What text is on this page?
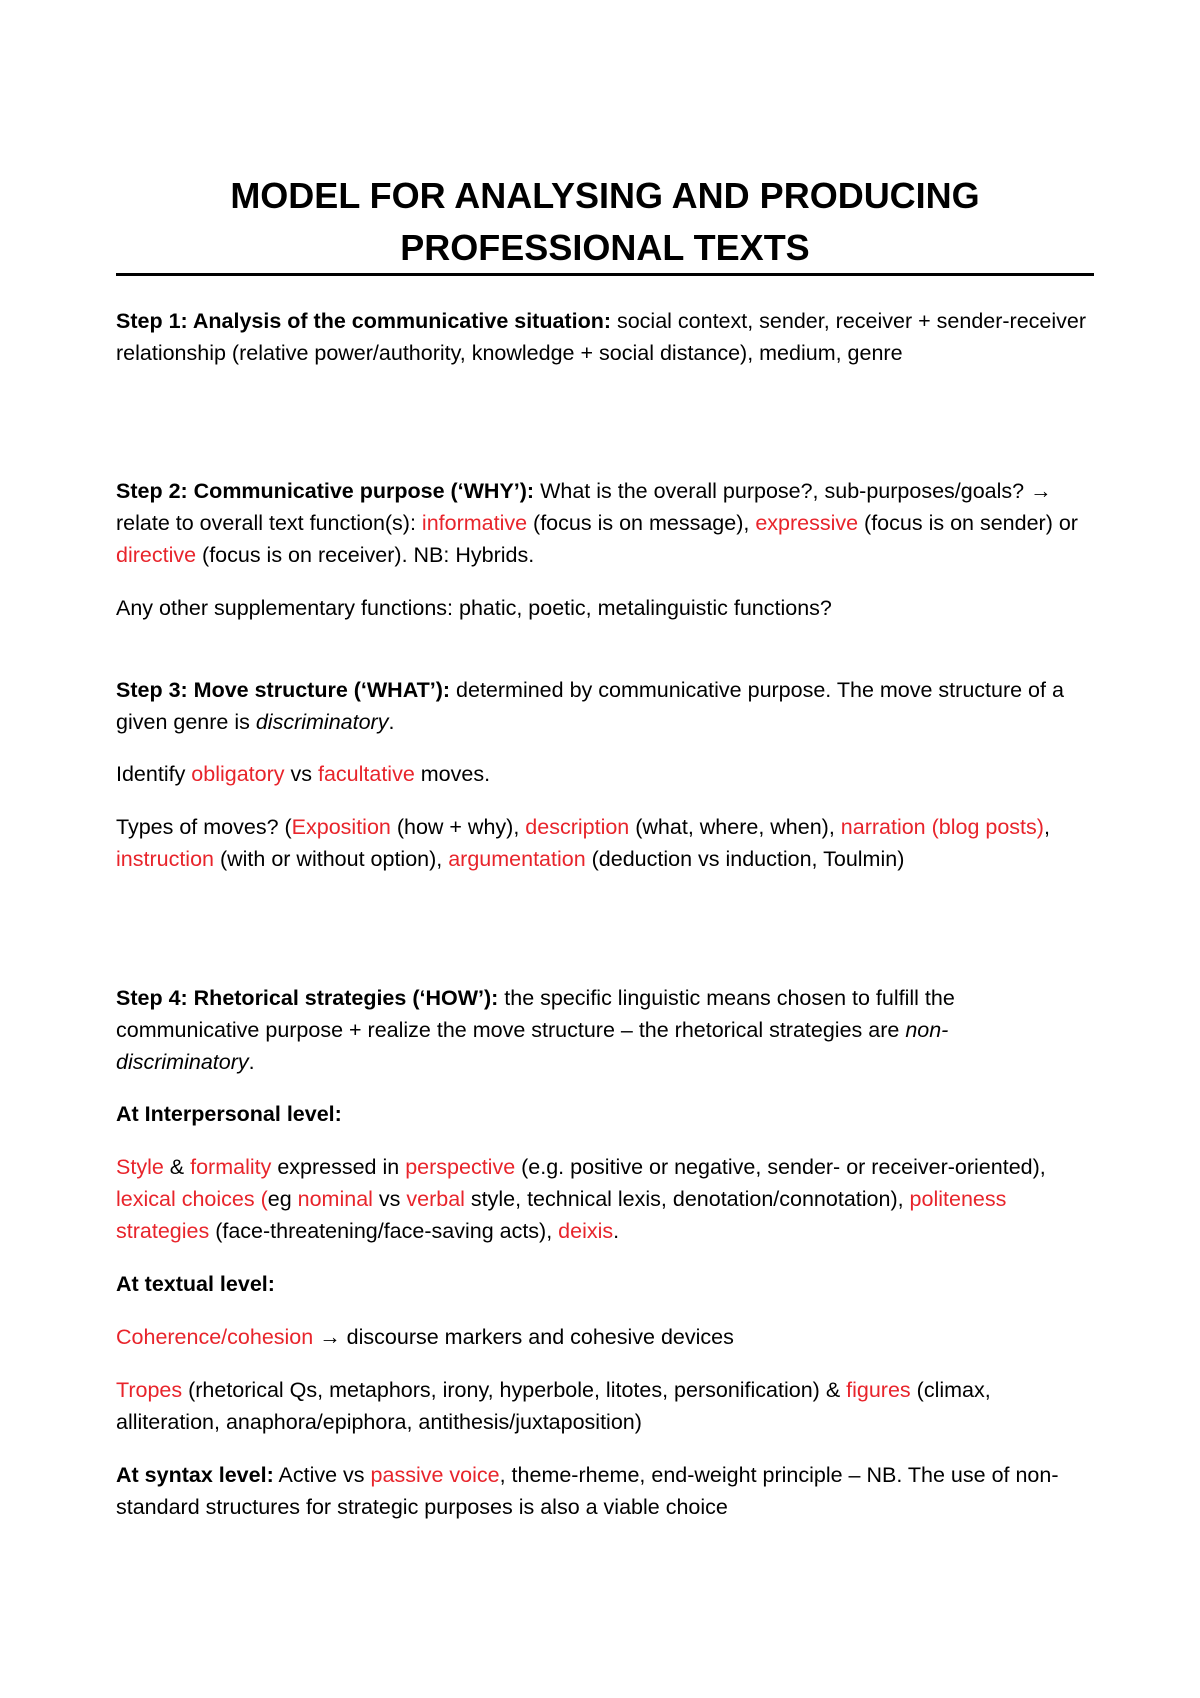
MODEL FOR ANALYSING AND PRODUCING
PROFESSIONAL TEXTS

Step 1: Analysis of the communicative situation: social context, sender, receiver + sender-receiver relationship (relative power/authority, knowledge + social distance), medium, genre

Step 2: Communicative purpose (‘WHY’): What is the overall purpose?, sub-purposes/goals? → relate to overall text function(s): informative (focus is on message), expressive (focus is on sender) or directive (focus is on receiver). NB: Hybrids.

Any other supplementary functions: phatic, poetic, metalinguistic functions?

Step 3: Move structure (‘WHAT’): determined by communicative purpose. The move structure of a given genre is discriminatory.

Identify obligatory vs facultative moves.

Types of moves? (Exposition (how + why), description (what, where, when), narration (blog posts), instruction (with or without option), argumentation (deduction vs induction, Toulmin)

Step 4: Rhetorical strategies (‘HOW’): the specific linguistic means chosen to fulfill the communicative purpose + realize the move structure – the rhetorical strategies are non-discriminatory.

At Interpersonal level:

Style & formality expressed in perspective (e.g. positive or negative, sender- or receiver-oriented), lexical choices (eg nominal vs verbal style, technical lexis, denotation/connotation), politeness strategies (face-threatening/face-saving acts), deixis.

At textual level:

Coherence/cohesion → discourse markers and cohesive devices

Tropes (rhetorical Qs, metaphors, irony, hyperbole, litotes, personification) & figures (climax, alliteration, anaphora/epiphora, antithesis/juxtaposition)

At syntax level: Active vs passive voice, theme-rheme, end-weight principle – NB. The use of non-standard structures for strategic purposes is also a viable choice
